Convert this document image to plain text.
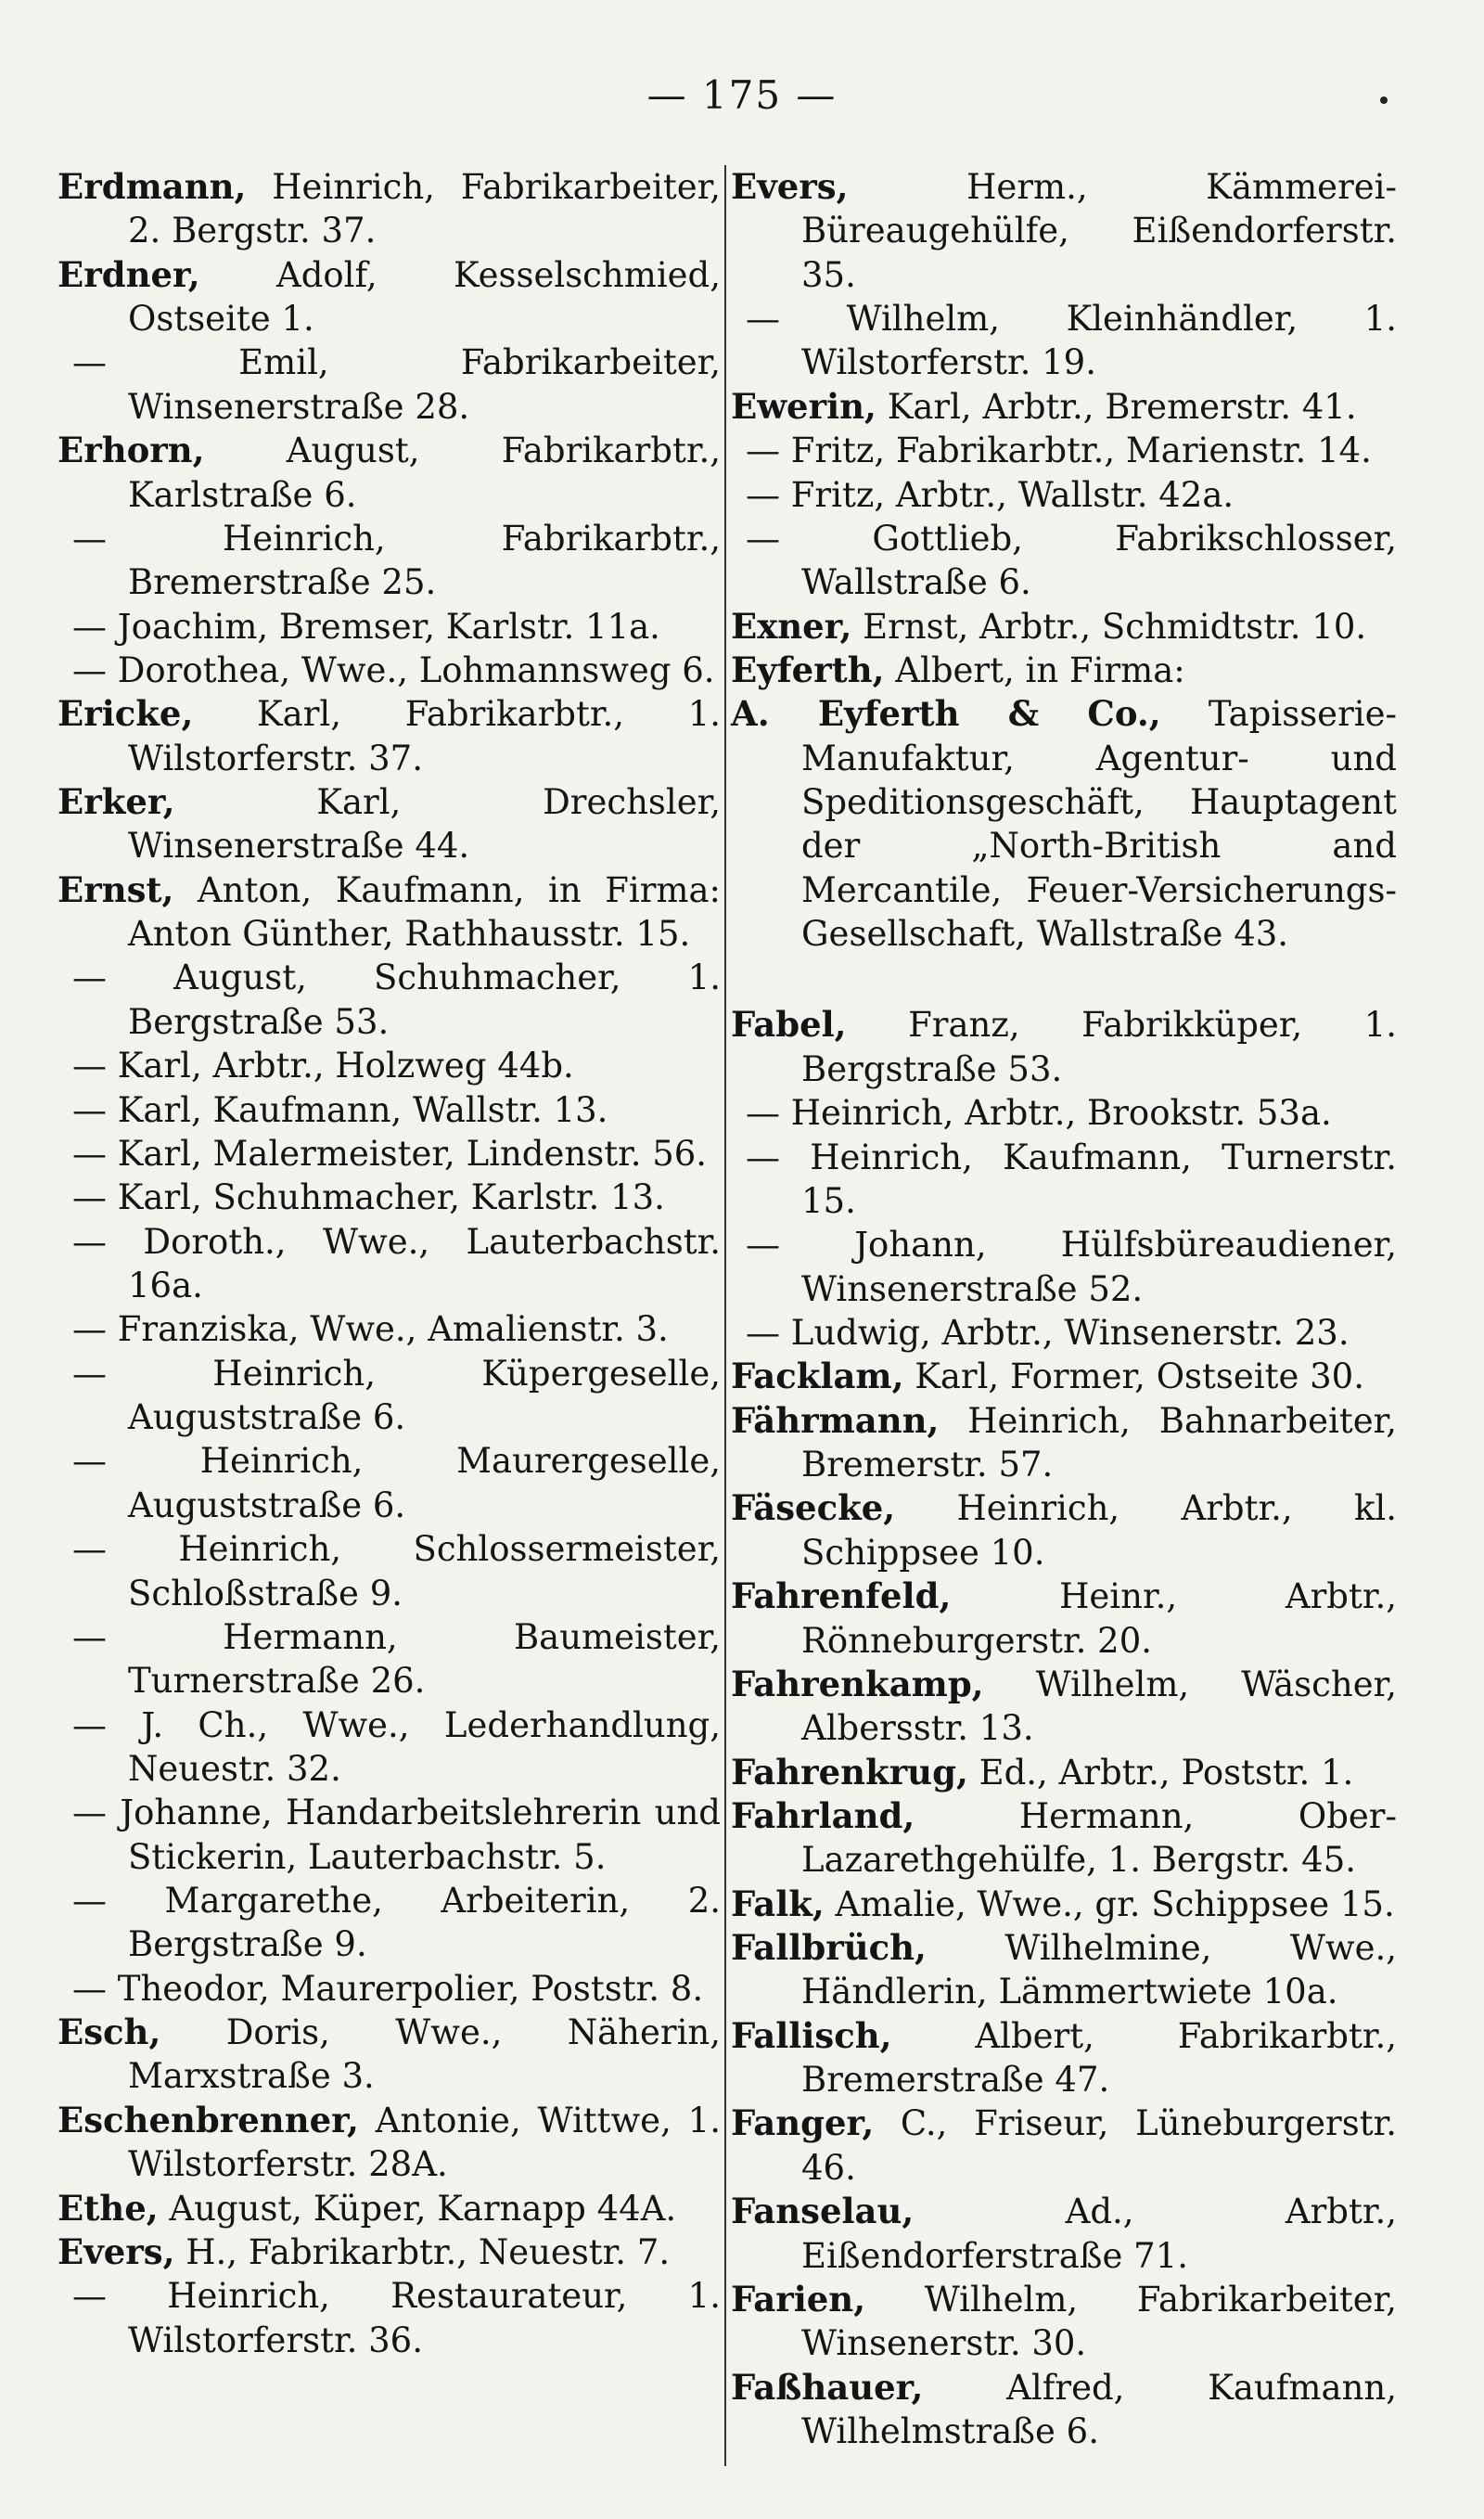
— 175 —
Erdmann, Heinrich, Fabrikarbeiter, 2. Bergstr. 37.
Erdner, Adolf, Kesselschmied, Ostseite 1.
— Emil, Fabrikarbeiter, Winsenerstraße 28.
Erhorn, August, Fabrikarbtr., Karlstraße 6.
— Heinrich, Fabrikarbtr., Bremerstraße 25.
— Joachim, Bremser, Karlstr. 11a.
— Dorothea, Wwe., Lohmannsweg 6.
Ericke, Karl, Fabrikarbtr., 1. Wilstorferstr. 37.
Erker, Karl, Drechsler, Winsenerstraße 44.
Ernst, Anton, Kaufmann, in Firma: Anton Günther, Rathhausstr. 15.
— August, Schuhmacher, 1. Bergstraße 53.
— Karl, Arbtr., Holzweg 44b.
— Karl, Kaufmann, Wallstr. 13.
— Karl, Malermeister, Lindenstr. 56.
— Karl, Schuhmacher, Karlstr. 13.
— Doroth., Wwe., Lauterbachstr. 16a.
— Franziska, Wwe., Amalienstr. 3.
— Heinrich, Küpergeselle, Auguststraße 6.
— Heinrich, Maurergeselle, Auguststraße 6.
— Heinrich, Schlossermeister, Schloßstraße 9.
— Hermann, Baumeister, Turnerstraße 26.
— J. Ch., Wwe., Lederhandlung, Neuestr. 32.
— Johanne, Handarbeitslehrerin und Stickerin, Lauterbachstr. 5.
— Margarethe, Arbeiterin, 2. Bergstraße 9.
— Theodor, Maurerpolier, Poststr. 8.
Esch, Doris, Wwe., Näherin, Marxstraße 3.
Eschenbrenner, Antonie, Wittwe, 1. Wilstorferstr. 28A.
Ethe, August, Küper, Karnapp 44A.
Evers, H., Fabrikarbtr., Neuestr. 7.
— Heinrich, Restaurateur, 1. Wilstorferstr. 36.
Evers, Herm., Kämmerei-Büreaugehülfe, Eißendorferstr. 35.
— Wilhelm, Kleinhändler, 1. Wilstorferstr. 19.
Ewerin, Karl, Arbtr., Bremerstr. 41.
— Fritz, Fabrikarbtr., Marienstr. 14.
— Fritz, Arbtr., Wallstr. 42a.
— Gottlieb, Fabrikschlosser, Wallstraße 6.
Exner, Ernst, Arbtr., Schmidtstr. 10.
Eyferth, Albert, in Firma:
A. Eyferth & Co., Tapisserie-Manufaktur, Agentur- und Speditionsgeschäft, Hauptagent der „North-British and Mercantile, Feuer-Versicherungs-Gesellschaft, Wallstraße 43.
Fabel, Franz, Fabrikküper, 1. Bergstraße 53.
— Heinrich, Arbtr., Brookstr. 53a.
— Heinrich, Kaufmann, Turnerstr. 15.
— Johann, Hülfsbüreaudiener, Winsenerstraße 52.
— Ludwig, Arbtr., Winsenerstr. 23.
Facklam, Karl, Former, Ostseite 30.
Fährmann, Heinrich, Bahnarbeiter, Bremerstr. 57.
Fäsecke, Heinrich, Arbtr., kl. Schippsee 10.
Fahrenfeld, Heinr., Arbtr., Rönneburgerstr. 20.
Fahrenkamp, Wilhelm, Wäscher, Albersstr. 13.
Fahrenkrug, Ed., Arbtr., Poststr. 1.
Fahrland, Hermann, Ober-Lazarethgehülfe, 1. Bergstr. 45.
Falk, Amalie, Wwe., gr. Schippsee 15.
Fallbrüch, Wilhelmine, Wwe., Händlerin, Lämmertwiete 10a.
Fallisch, Albert, Fabrikarbtr., Bremerstraße 47.
Fanger, C., Friseur, Lüneburgerstr. 46.
Fanselau, Ad., Arbtr., Eißendorferstraße 71.
Farien, Wilhelm, Fabrikarbeiter, Winsenerstr. 30.
Faßhauer, Alfred, Kaufmann, Wilhelmstraße 6.
